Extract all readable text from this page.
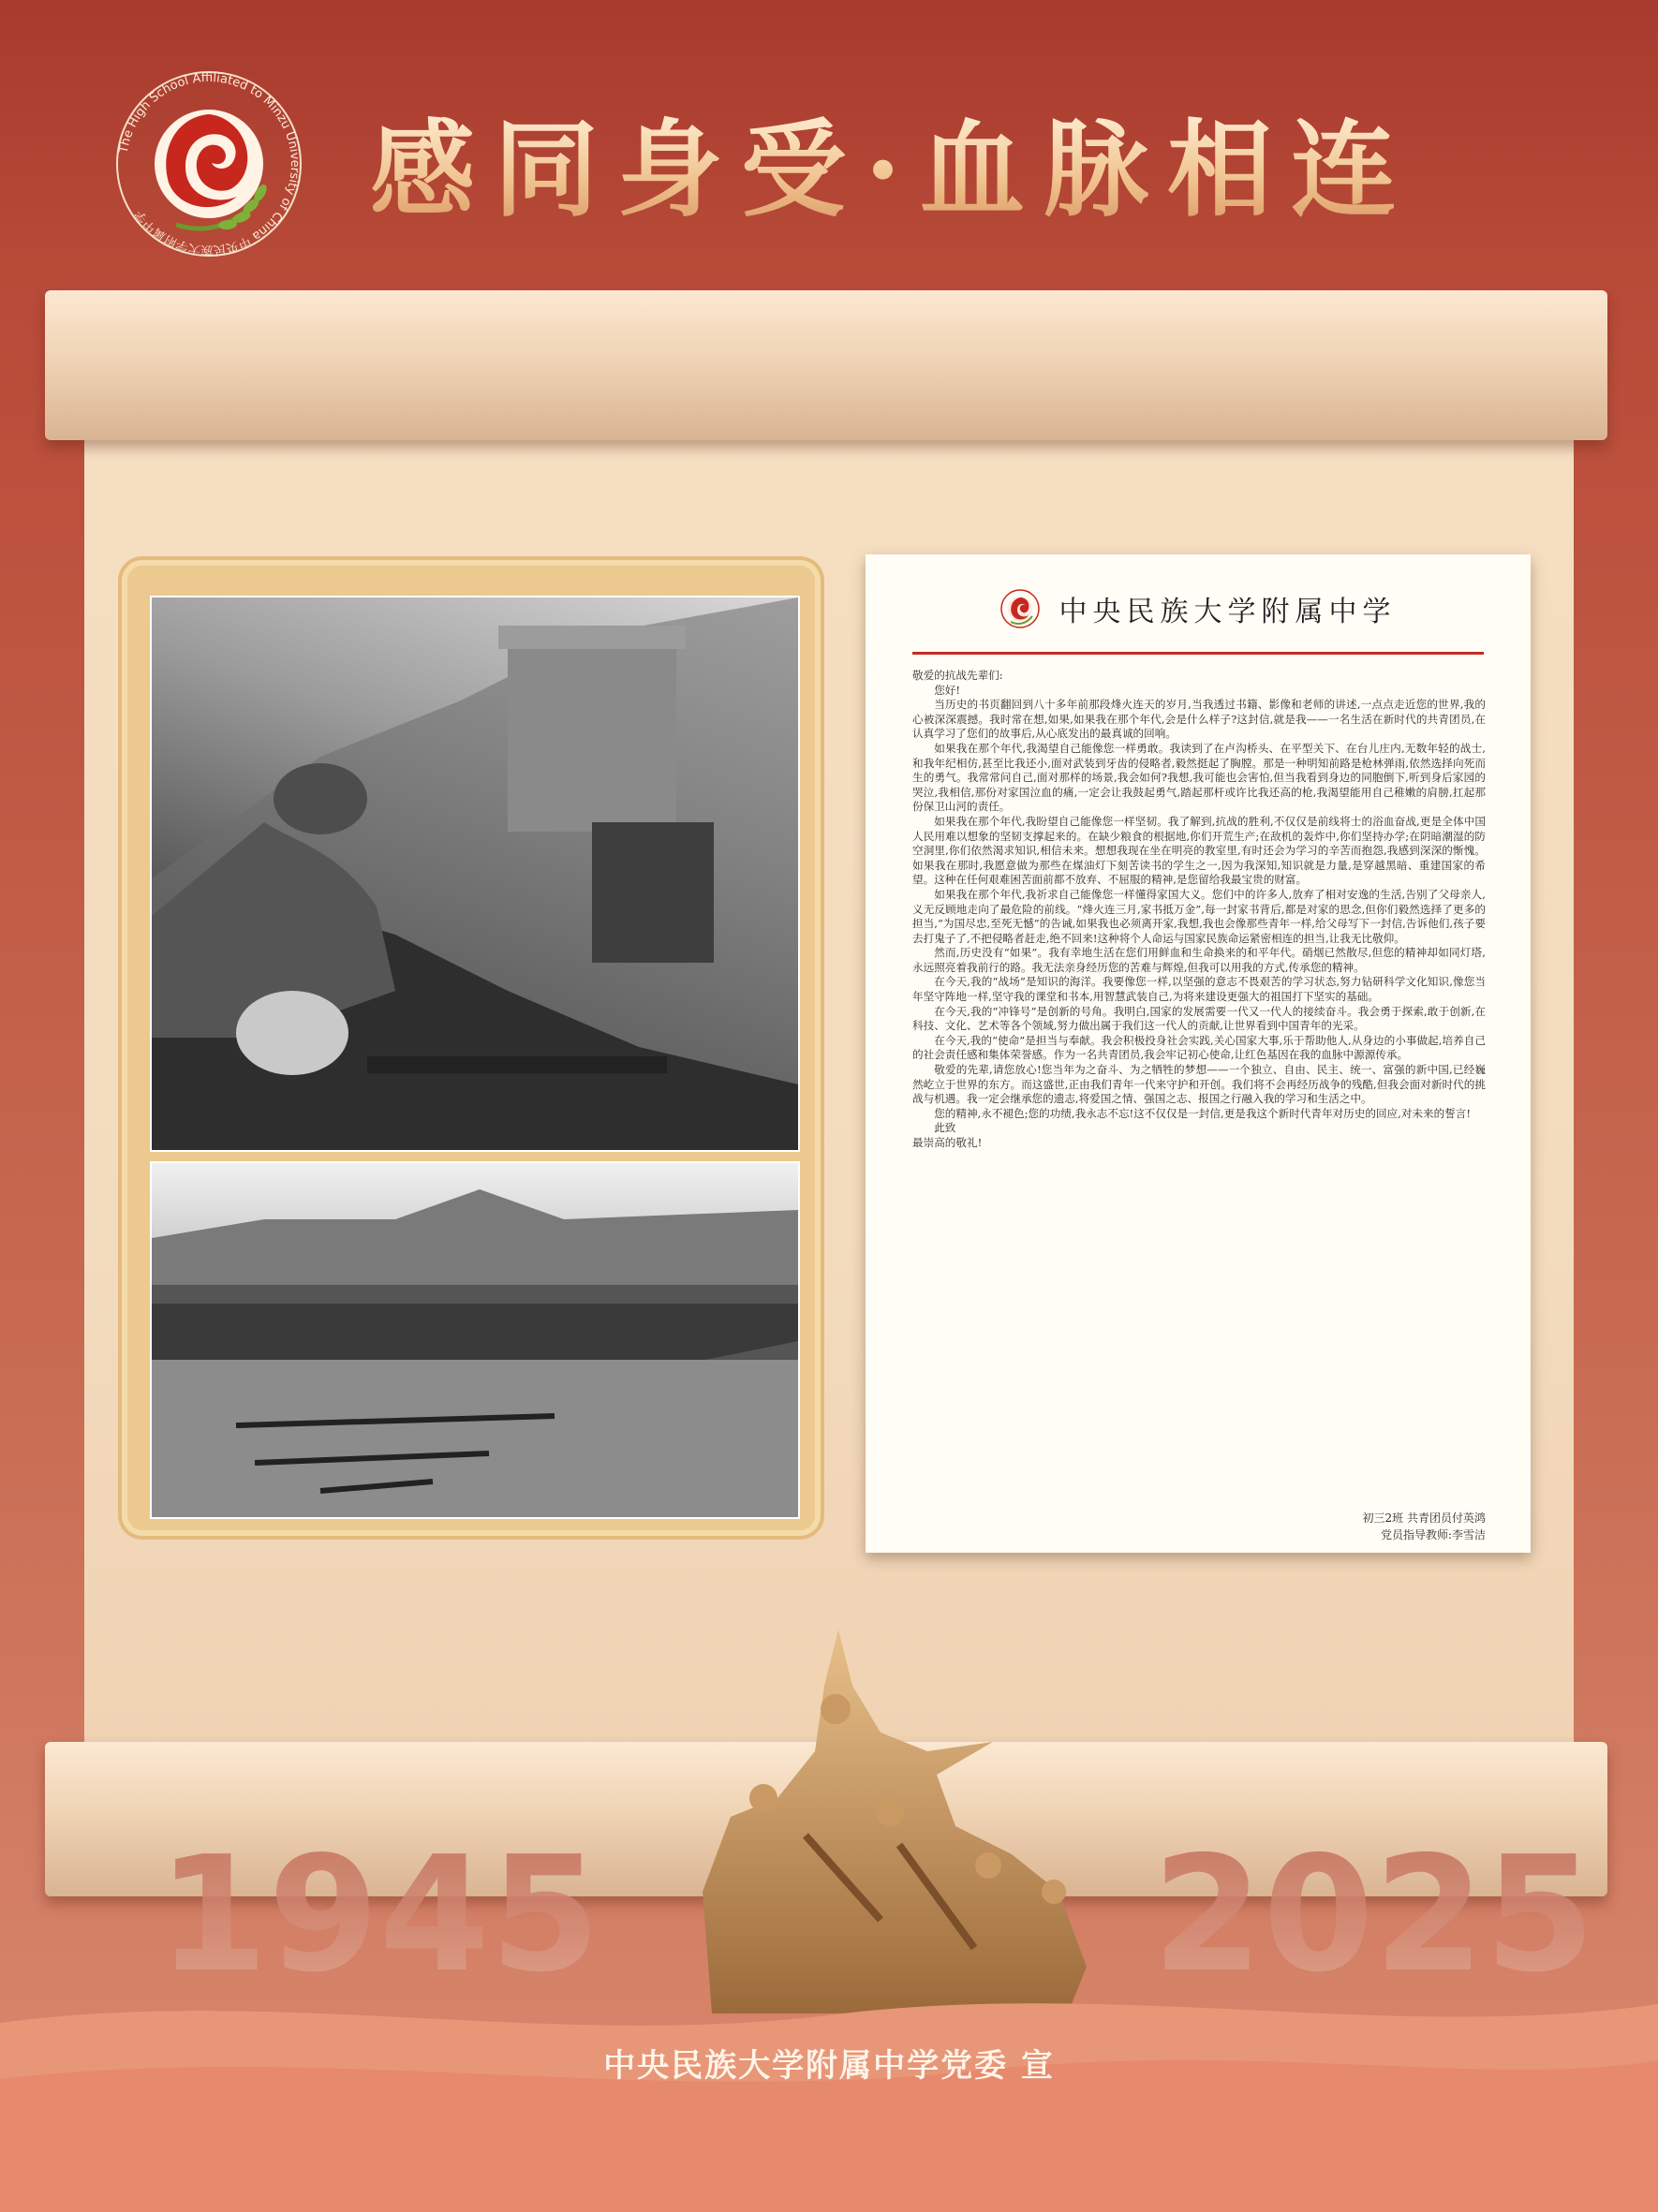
The High School Affiliated to Minzu University of China 中央民族大学附属中学	感同身受·血脉相连
中央民族大学附属中学

敬爱的抗战先辈们:

您好!

当历史的书页翻回到八十多年前那段烽火连天的岁月,当我透过书籍、影像和老师的讲述,一点点走近您的世界,我的心被深深震撼。我时常在想,如果,如果我在那个年代,会是什么样子?这封信,就是我——一名生活在新时代的共青团员,在认真学习了您们的故事后,从心底发出的最真诚的回响。

如果我在那个年代,我渴望自己能像您一样勇敢。我读到了在卢沟桥头、在平型关下、在台儿庄内,无数年轻的战士,和我年纪相仿,甚至比我还小,面对武装到牙齿的侵略者,毅然挺起了胸膛。那是一种明知前路是枪林弹雨,依然选择向死而生的勇气。我常常问自己,面对那样的场景,我会如何?我想,我可能也会害怕,但当我看到身边的同胞倒下,听到身后家园的哭泣,我相信,那份对家国泣血的痛,一定会让我鼓起勇气,踏起那杆或许比我还高的枪,我渴望能用自己稚嫩的肩膀,扛起那份保卫山河的责任。

如果我在那个年代,我盼望自己能像您一样坚韧。我了解到,抗战的胜利,不仅仅是前线将士的浴血奋战,更是全体中国人民用难以想象的坚韧支撑起来的。在缺少粮食的根据地,你们开荒生产;在敌机的轰炸中,你们坚持办学;在阴暗潮湿的防空洞里,你们依然渴求知识,相信未来。想想我现在坐在明亮的教室里,有时还会为学习的辛苦而抱怨,我感到深深的惭愧。如果我在那时,我愿意做为那些在煤油灯下刻苦读书的学生之一,因为我深知,知识就是力量,是穿越黑暗、重建国家的希望。这种在任何艰难困苦面前都不放弃、不屈服的精神,是您留给我最宝贵的财富。

如果我在那个年代,我祈求自己能像您一样懂得家国大义。您们中的许多人,放弃了相对安逸的生活,告别了父母亲人,义无反顾地走向了最危险的前线。“烽火连三月,家书抵万金”,每一封家书背后,都是对家的思念,但你们毅然选择了更多的担当,“为国尽忠,至死无憾”的告诫,如果我也必须离开家,我想,我也会像那些青年一样,给父母写下一封信,告诉他们,孩子要去打鬼子了,不把侵略者赶走,绝不回来!这种将个人命运与国家民族命运紧密相连的担当,让我无比敬仰。

然而,历史没有“如果”。我有幸地生活在您们用鲜血和生命换来的和平年代。硝烟已然散尽,但您的精神却如同灯塔,永远照亮着我前行的路。我无法亲身经历您的苦难与辉煌,但我可以用我的方式,传承您的精神。

在今天,我的“战场”是知识的海洋。我要像您一样,以坚强的意志不畏艰苦的学习状态,努力钻研科学文化知识,像您当年坚守阵地一样,坚守我的课堂和书本,用智慧武装自己,为将来建设更强大的祖国打下坚实的基础。

在今天,我的“冲锋号”是创新的号角。我明白,国家的发展需要一代又一代人的接续奋斗。我会勇于探索,敢于创新,在科技、文化、艺术等各个领域,努力做出属于我们这一代人的贡献,让世界看到中国青年的光采。

在今天,我的“使命”是担当与奉献。我会积极投身社会实践,关心国家大事,乐于帮助他人,从身边的小事做起,培养自己的社会责任感和集体荣誉感。作为一名共青团员,我会牢记初心使命,让红色基因在我的血脉中源源传承。

敬爱的先辈,请您放心!您当年为之奋斗、为之牺牲的梦想——一个独立、自由、民主、统一、富强的新中国,已经巍然屹立于世界的东方。而这盛世,正由我们青年一代来守护和开创。我们将不会再经历战争的残酷,但我会面对新时代的挑战与机遇。我一定会继承您的遗志,将爱国之情、强国之志、报国之行融入我的学习和生活之中。

您的精神,永不褪色;您的功绩,我永志不忘!这不仅仅是一封信,更是我这个新时代青年对历史的回应,对未来的誓言!

此致

最崇高的敬礼!

初三2班 共青团员付英鸿
党员指导教师:李雪洁
1945	2025
中央民族大学附属中学党委 宣
